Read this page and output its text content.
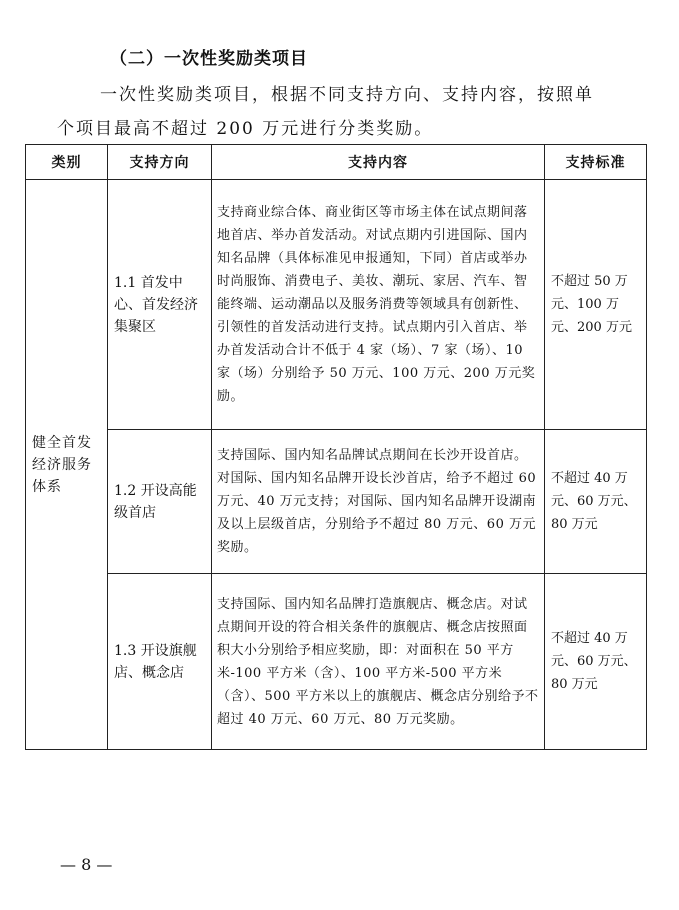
（二）一次性奖励类项目
一次性奖励类项目，根据不同支持方向、支持内容，按照单
个项目最高不超过 200 万元进行分类奖励。
类别	支持方向	支持内容	支持标准
健全首发经济服务体系	1.1 首发中心、首发经济集聚区	支持商业综合体、商业街区等市场主体在试点期间落地首店、举办首发活动。对试点期内引进国际、国内知名品牌（具体标准见申报通知，下同）首店或举办时尚服饰、消费电子、美妆、潮玩、家居、汽车、智能终端、运动潮品以及服务消费等领域具有创新性、引领性的首发活动进行支持。试点期内引入首店、举办首发活动合计不低于 4 家（场）、7 家（场）、10 家（场）分别给予 50 万元、100 万元、200 万元奖励。	不超过 50 万元、100 万元、200 万元
	1.2 开设高能级首店	支持国际、国内知名品牌试点期间在长沙开设首店。对国际、国内知名品牌开设长沙首店，给予不超过 60 万元、40 万元支持；对国际、国内知名品牌开设湖南及以上层级首店，分别给予不超过 80 万元、60 万元奖励。	不超过 40 万元、60 万元、80 万元
	1.3 开设旗舰店、概念店	支持国际、国内知名品牌打造旗舰店、概念店。对试点期间开设的符合相关条件的旗舰店、概念店按照面积大小分别给予相应奖励，即：对面积在 50 平方米-100 平方米（含）、100 平方米-500 平方米（含）、500 平方米以上的旗舰店、概念店分别给予不超过 40 万元、60 万元、80 万元奖励。	不超过 40 万元、60 万元、80 万元
— 8 —
